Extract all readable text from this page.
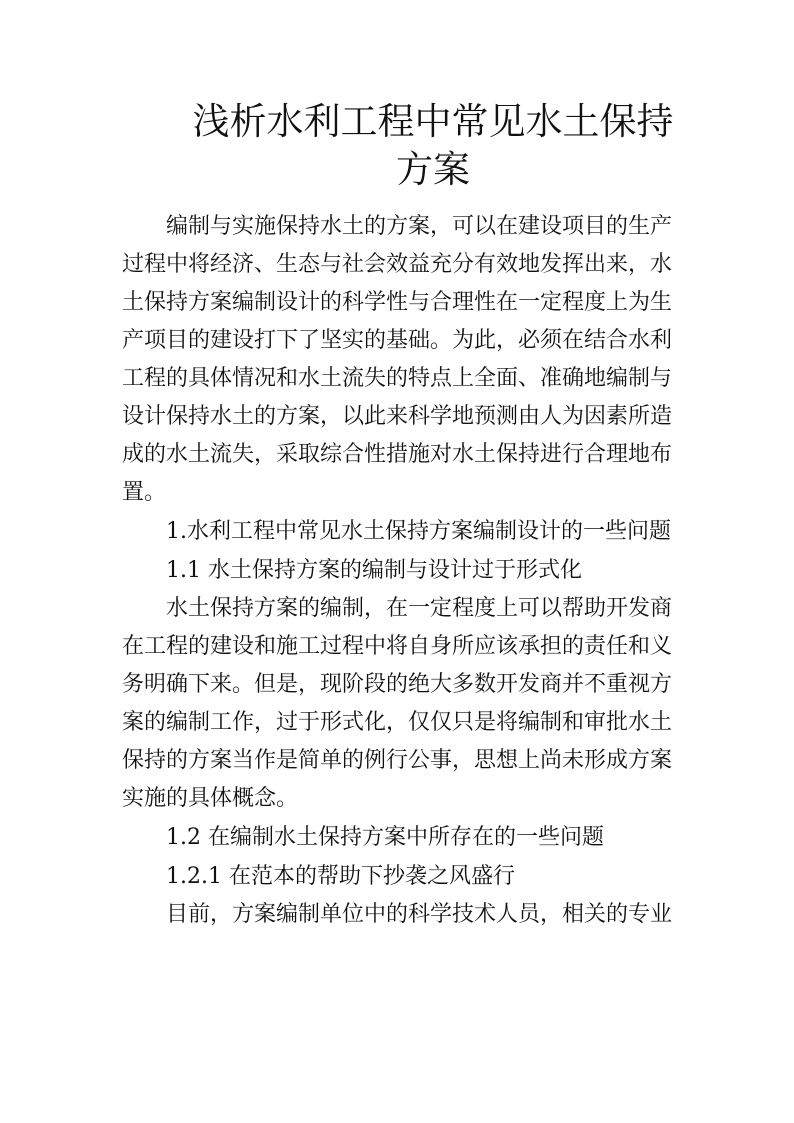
浅析水利工程中常见水土保持
方案
　　编制与实施保持水土的方案，可以在建设项目的生产
过程中将经济、生态与社会效益充分有效地发挥出来，水
土保持方案编制设计的科学性与合理性在一定程度上为生
产项目的建设打下了坚实的基础。为此，必须在结合水利
工程的具体情况和水土流失的特点上全面、准确地编制与
设计保持水土的方案，以此来科学地预测由人为因素所造
成的水土流失，采取综合性措施对水土保持进行合理地布
置。
　　1.水利工程中常见水土保持方案编制设计的一些问题
　　1.1 水土保持方案的编制与设计过于形式化
　　水土保持方案的编制，在一定程度上可以帮助开发商
在工程的建设和施工过程中将自身所应该承担的责任和义
务明确下来。但是，现阶段的绝大多数开发商并不重视方
案的编制工作，过于形式化，仅仅只是将编制和审批水土
保持的方案当作是简单的例行公事，思想上尚未形成方案
实施的具体概念。
　　1.2 在编制水土保持方案中所存在的一些问题
　　1.2.1 在范本的帮助下抄袭之风盛行
　　目前，方案编制单位中的科学技术人员，相关的专业
